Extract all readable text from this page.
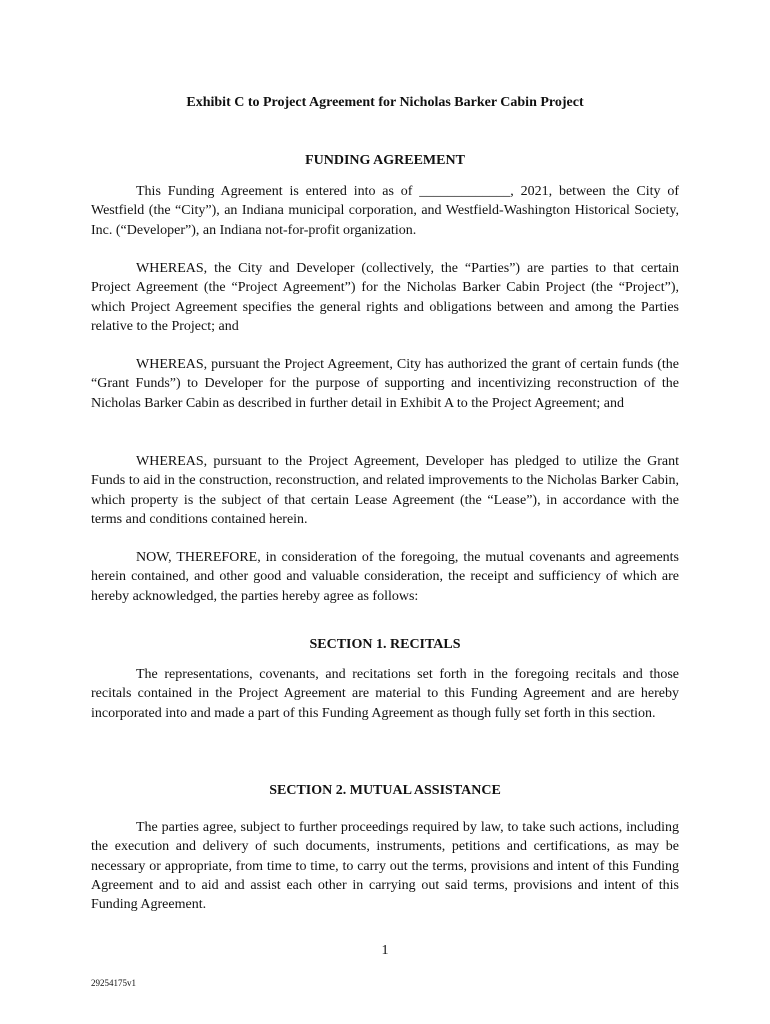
Exhibit C to Project Agreement for Nicholas Barker Cabin Project

FUNDING AGREEMENT

This Funding Agreement is entered into as of _____________, 2021, between the City of Westfield (the “City”), an Indiana municipal corporation, and Westfield-Washington Historical Society, Inc. (“Developer”), an Indiana not-for-profit organization.

WHEREAS, the City and Developer (collectively, the “Parties”) are parties to that certain Project Agreement (the “Project Agreement”) for the Nicholas Barker Cabin Project (the “Project”), which Project Agreement specifies the general rights and obligations between and among the Parties relative to the Project; and

WHEREAS, pursuant the Project Agreement, City has authorized the grant of certain funds (the “Grant Funds”) to Developer for the purpose of supporting and incentivizing reconstruction of the Nicholas Barker Cabin as described in further detail in Exhibit A to the Project Agreement; and

WHEREAS, pursuant to the Project Agreement, Developer has pledged to utilize the Grant Funds to aid in the construction, reconstruction, and related improvements to the Nicholas Barker Cabin, which property is the subject of that certain Lease Agreement (the “Lease”), in accordance with the terms and conditions contained herein.

NOW, THEREFORE, in consideration of the foregoing, the mutual covenants and agreements herein contained, and other good and valuable consideration, the receipt and sufficiency of which are hereby acknowledged, the parties hereby agree as follows:

SECTION 1. RECITALS

The representations, covenants, and recitations set forth in the foregoing recitals and those recitals contained in the Project Agreement are material to this Funding Agreement and are hereby incorporated into and made a part of this Funding Agreement as though fully set forth in this section.

SECTION 2. MUTUAL ASSISTANCE

The parties agree, subject to further proceedings required by law, to take such actions, including the execution and delivery of such documents, instruments, petitions and certifications, as may be necessary or appropriate, from time to time, to carry out the terms, provisions and intent of this Funding Agreement and to aid and assist each other in carrying out said terms, provisions and intent of this Funding Agreement.

1

29254175v1
